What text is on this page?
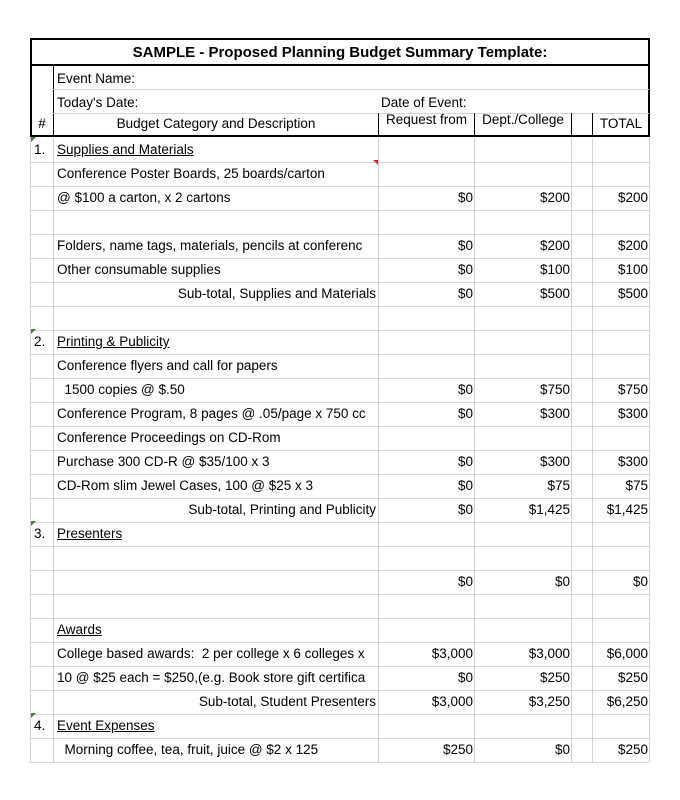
SAMPLE - Proposed Planning Budget Summary Template:
Event Name:
Today's Date:	Date of Event:
#	Budget Category and Description	Request from	Dept./College	TOTAL
1. Supplies and Materials
Conference Poster Boards, 25 boards/carton
@ $100 a carton, x 2 cartons	$0	$200	$200
Folders, name tags, materials, pencils at conferenc	$0	$200	$200
Other consumable supplies	$0	$100	$100
Sub-total, Supplies and Materials	$0	$500	$500
2. Printing & Publicity
Conference flyers and call for papers
1500 copies @ $.50	$0	$750	$750
Conference Program, 8 pages @ .05/page x 750 cc	$0	$300	$300
Conference Proceedings on CD-Rom
Purchase 300 CD-R @ $35/100 x 3	$0	$300	$300
CD-Rom slim Jewel Cases, 100 @ $25 x 3	$0	$75	$75
Sub-total, Printing and Publicity	$0	$1,425	$1,425
3. Presenters
$0	$0	$0
Awards
College based awards:  2 per college x 6 colleges x	$3,000	$3,000	$6,000
10 @ $25 each = $250,(e.g. Book store gift certifica	$0	$250	$250
Sub-total, Student Presenters	$3,000	$3,250	$6,250
4. Event Expenses
Morning coffee, tea, fruit, juice @ $2 x 125	$250	$0	$250
